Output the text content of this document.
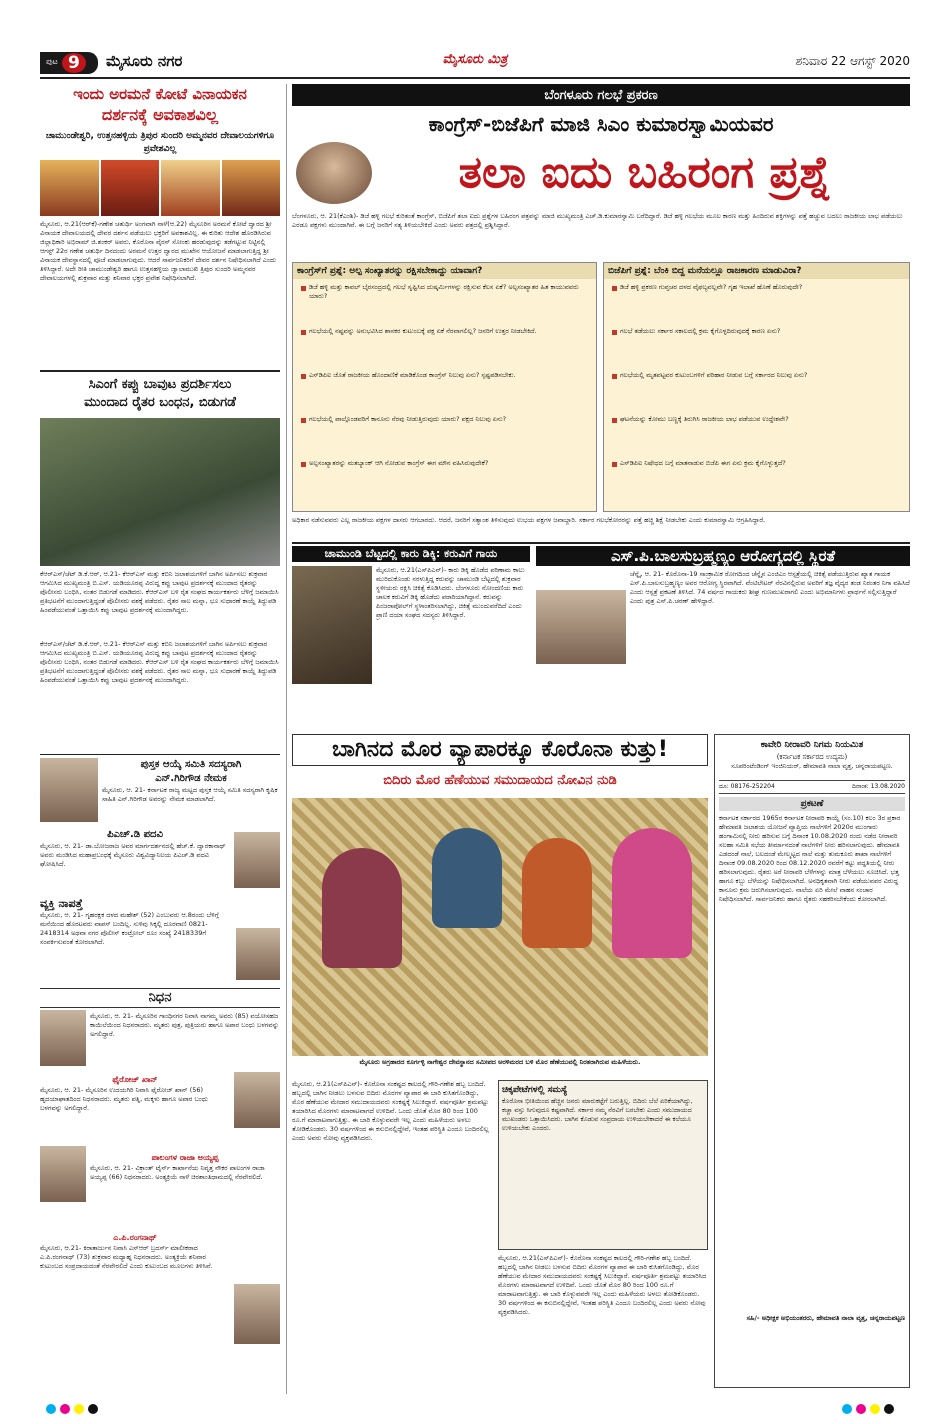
ಪುಟ 9	ಮೈಸೂರು ನಗರ	ಮೈಸೂರು ಮಿತ್ರ	ಶನಿವಾರ 22 ಆಗಸ್ಟ್ 2020
ಇಂದು ಅರಮನೆ ಕೋಟೆ ವಿನಾಯಕನ
ದರ್ಶನಕ್ಕೆ ಅವಕಾಶವಿಲ್ಲ
ಚಾಮುಂಡೇಶ್ವರಿ, ಉತ್ತನಹಳ್ಳಿಯ ತ್ರಿಪುರ ಸುಂದರಿ ಅಮ್ಮನವರ ದೇವಾಲಯಗಳಿಗೂ ಪ್ರವೇಶವಿಲ್ಲ
ಮೈಸೂರು, ಆ.21(ಆರ್‌ಕೆ)-ಗಣೇಶ ಚತುರ್ಥಿ ಅಂಗವಾಗಿ ನಾಳೆ(ಆ.22) ಮೈಸೂರಿನ ಅರಮನೆ ಕೋಟೆ ದ್ವಾರದ ಶ್ರೀ ವಿನಾಯಕ ದೇವಾಲಯದಲ್ಲಿ ದೇವರ ದರ್ಶನ ಪಡೆಯಲು ಭಕ್ತರಿಗೆ ಅವಕಾಶವಿಲ್ಲ. ಈ ಕುರಿತು ಆದೇಶ ಹೊರಡಿಸಿರುವ ಜಿಲ್ಲಾಧಿಕಾರಿ ಅಭಿರಾಮ್ ಜಿ.ಶಂಕರ್ ಅವರು, ಕೊರೊನಾ ವೈರಸ್ ಸೋಂಕು ಹರಡುವುದನ್ನು ತಡೆಗಟ್ಟುವ ನಿಟ್ಟಿನಲ್ಲಿ ಆಗಸ್ಟ್ 22ರ ಗಣೇಶ ಚತುರ್ಥಿ ದಿನದಂದು ಅರಮನೆ ಉತ್ತರ ದ್ವಾರದ ಮುಖೇನ ಆಯೋಜನೆ ಮಾಡಲಾಗುತ್ತಿದ್ದ ಶ್ರೀ ವಿನಾಯಕ ದೇವಸ್ಥಾನದಲ್ಲಿ ಪೂಜೆ ಮಾಡಲಾಗುವುದು. ಆದರೆ ಸಾರ್ವಜನಿಕರಿಗೆ ದೇವರ ದರ್ಶನ ನಿಷೇಧಿಸಲಾಗಿದೆ ಎಂದು ತಿಳಿಸಿದ್ದಾರೆ. ಅದೇ ರೀತಿ ಚಾಮುಂಡೇಶ್ವರಿ ಹಾಗೂ ಉತ್ತನಹಳ್ಳಿಯ ಜ್ವಾಲಾಮುಖಿ ತ್ರಿಪುರ ಸುಂದರಿ ಅಮ್ಮನವರ ದೇವಾಲಯಗಳಲ್ಲಿ ಶುಕ್ರವಾರ ಮತ್ತು ಶನಿವಾರ ಭಕ್ತರ ಪ್ರವೇಶ ನಿಷೇಧಿಸಲಾಗಿದೆ.
ಸಿಎಂಗೆ ಕಪ್ಪು ಬಾವುಟ ಪ್ರದರ್ಶಿಸಲು
ಮುಂದಾದ ರೈತರ ಬಂಧನ, ಬಿಡುಗಡೆ
ಕೆಆರ್‌ಎಸ್/ಚೆಟ್ ಡಿ.ಕೆ.ಆರ್, ಆ.21- ಕೆಆರ್‌ಎಸ್ ಮತ್ತು ಕಬಿನಿ ಜಲಾಶಯಗಳಿಗೆ ಬಾಗಿನ ಅರ್ಪಿಸಲು ಶುಕ್ರವಾರ ಆಗಮಿಸಿದ ಮುಖ್ಯಮಂತ್ರಿ ಬಿ.ಎಸ್. ಯಡಿಯೂರಪ್ಪ ವಿರುದ್ಧ ಕಪ್ಪು ಬಾವುಟ ಪ್ರದರ್ಶನಕ್ಕೆ ಮುಂದಾದ ರೈತರನ್ನು ಪೊಲೀಸರು ಬಂಧಿಸಿ, ನಂತರ ಬಿಡುಗಡೆ ಮಾಡಿದರು. ಕೆಆರ್‌ಎಸ್ ಬಳಿ ರೈತ ಸಂಘದ ಕಾರ್ಯಕರ್ತರು ಬೆಳಿಗ್ಗೆ ಜಮಾಯಿಸಿ ಪ್ರತಿಭಟನೆಗೆ ಮುಂದಾಗುತ್ತಿದ್ದಂತೆ ಪೊಲೀಸರು ವಶಕ್ಕೆ ಪಡೆದರು. ರೈತರ ಸಾಲ ಮನ್ನಾ, ಭೂ ಸುಧಾರಣೆ ಕಾಯ್ದೆ ತಿದ್ದುಪಡಿ ಹಿಂಪಡೆಯುವಂತೆ ಒತ್ತಾಯಿಸಿ ಕಪ್ಪು ಬಾವುಟ ಪ್ರದರ್ಶನಕ್ಕೆ ಮುಂದಾಗಿದ್ದರು.
ಕೆಆರ್‌ಎಸ್/ಚೆಟ್ ಡಿ.ಕೆ.ಆರ್, ಆ.21- ಕೆಆರ್‌ಎಸ್ ಮತ್ತು ಕಬಿನಿ ಜಲಾಶಯಗಳಿಗೆ ಬಾಗಿನ ಅರ್ಪಿಸಲು ಶುಕ್ರವಾರ ಆಗಮಿಸಿದ ಮುಖ್ಯಮಂತ್ರಿ ಬಿ.ಎಸ್. ಯಡಿಯೂರಪ್ಪ ವಿರುದ್ಧ ಕಪ್ಪು ಬಾವುಟ ಪ್ರದರ್ಶನಕ್ಕೆ ಮುಂದಾದ ರೈತರನ್ನು ಪೊಲೀಸರು ಬಂಧಿಸಿ, ನಂತರ ಬಿಡುಗಡೆ ಮಾಡಿದರು. ಕೆಆರ್‌ಎಸ್ ಬಳಿ ರೈತ ಸಂಘದ ಕಾರ್ಯಕರ್ತರು ಬೆಳಿಗ್ಗೆ ಜಮಾಯಿಸಿ ಪ್ರತಿಭಟನೆಗೆ ಮುಂದಾಗುತ್ತಿದ್ದಂತೆ ಪೊಲೀಸರು ವಶಕ್ಕೆ ಪಡೆದರು. ರೈತರ ಸಾಲ ಮನ್ನಾ, ಭೂ ಸುಧಾರಣೆ ಕಾಯ್ದೆ ತಿದ್ದುಪಡಿ ಹಿಂಪಡೆಯುವಂತೆ ಒತ್ತಾಯಿಸಿ ಕಪ್ಪು ಬಾವುಟ ಪ್ರದರ್ಶನಕ್ಕೆ ಮುಂದಾಗಿದ್ದರು.
ಪುಸ್ತಕ ಆಯ್ಕೆ ಸಮಿತಿ ಸದಸ್ಯರಾಗಿ
ಎನ್.ಗಿರಿಗೌಡ ನೇಮಕ
ಮೈಸೂರು, ಆ. 21- ಕರ್ನಾಟಕ ರಾಜ್ಯ ಮಟ್ಟದ ಪುಸ್ತಕ ಆಯ್ಕೆ ಸಮಿತಿ ಸದಸ್ಯರಾಗಿ ಕೃಷಿಕ ಸಾಹಿತಿ ಎನ್.ಗಿರಿಗೌಡ ಅವರನ್ನು ನೇಮಕ ಮಾಡಲಾಗಿದೆ.
ಪಿಎಚ್.ಡಿ ಪದವಿ
ಮೈಸೂರು, ಆ. 21- ಡಾ.ಬೋಜರಾಜ ಅವರ ಮಾರ್ಗದರ್ಶನದಲ್ಲಿ ಹೆಚ್.ಕೆ. ದ್ವಾರಕಾನಾಥ್ ಅವರು ಮಂಡಿಸಿದ ಮಹಾಪ್ರಬಂಧಕ್ಕೆ ಮೈಸೂರು ವಿಶ್ವವಿದ್ಯಾನಿಲಯ ಪಿಎಚ್.ಡಿ ಪದವಿ ಘೋಷಿಸಿದೆ.
ವ್ಯಕ್ತಿ ನಾಪತ್ತೆ
ಮೈಸೂರು, ಆ. 21- ಗೃಹರಕ್ಷಕ ದಳದ ಮಹೇಶ್ (52) ಎಂಬುವರು ಆ.8ರಂದು ಬೆಳಿಗ್ಗೆ ಮನೆಯಿಂದ ಹೊರಟವರು ವಾಪಸ್ ಬಂದಿಲ್ಲ. ಸುಳಿವು ಸಿಕ್ಕಲ್ಲಿ ದೂರವಾಣಿ 0821-2418314 ಅಥವಾ ನಗರ ಪೊಲೀಸ್ ಕಂಟ್ರೋಲ್ ರೂಂ ಸಂಖ್ಯೆ 2418339ಗೆ ಸಂಪರ್ಕಿಸುವಂತೆ ಕೋರಲಾಗಿದೆ.
ನಿಧನ
ಮೈಸೂರು, ಆ. 21- ಮೈಸೂರಿನ ಗಾಂಧಿನಗರ ನಿವಾಸಿ ನಾಗಮ್ಮ ಅವರು (85) ವಯೋಸಹಜ ಕಾಯಿಲೆಯಿಂದ ನಿಧನರಾದರು. ಮೃತರು ಪುತ್ರ, ಪುತ್ರಿಯರು ಹಾಗೂ ಅಪಾರ ಬಂಧು ಬಳಗವನ್ನು ಅಗಲಿದ್ದಾರೆ.
ಫೈರೋಜ್ ಖಾನ್
ಮೈಸೂರು, ಆ. 21- ಮೈಸೂರಿನ ಉದಯಗಿರಿ ನಿವಾಸಿ ಫೈರೋಜ್ ಖಾನ್ (56) ಹೃದಯಾಘಾತದಿಂದ ನಿಧನರಾದರು. ಮೃತರು ಪತ್ನಿ, ಮಕ್ಕಳು ಹಾಗೂ ಅಪಾರ ಬಂಧು ಬಳಗವನ್ನು ಅಗಲಿದ್ದಾರೆ.
ಪಾಲಂಗಳ ರಾಜಾ ಅಯ್ಯಪ್ಪ
ಮೈಸೂರು, ಆ. 21- ವಿಕ್ರಾಂತ್ ಟೈರ್ಸ್ ಕಾರ್ಖಾನೆಯ ನಿವೃತ್ತ ನೌಕರ ಪಾಲಂಗಳ ರಾಜಾ ಅಯ್ಯಪ್ಪ (66) ನಿಧನರಾದರು. ಅಂತ್ಯಕ್ರಿಯೆ ನಾಳೆ ಚಿರಶಾಂತಿಧಾಮದಲ್ಲಿ ನೆರವೇರಲಿದೆ.
ಎ.ಪಿ.ರಂಗನಾಥ್
ಮೈಸೂರು, ಆ.21- ಕಿರಾತಾರ್ಜುನ ನಿವಾಸಿ ಎಸ್‌ಆರ್ ಬ್ರದರ್ಸ್ ಮಾಲೀಕರಾದ ಎ.ಪಿ.ರಂಗನಾಥ್ (73) ಶುಕ್ರವಾರ ಮಧ್ಯಾಹ್ನ ನಿಧನರಾದರು. ಅಂತ್ಯಕ್ರಿಯೆ ಶನಿವಾರ ಕುಟುಂಬದ ಸಂಪ್ರದಾಯದಂತೆ ನೆರವೇರಲಿದೆ ಎಂದು ಕುಟುಂಬದ ಮೂಲಗಳು ತಿಳಿಸಿವೆ.
ಬೆಂಗಳೂರು ಗಲಭೆ ಪ್ರಕರಣ
ಕಾಂಗ್ರೆಸ್-ಬಿಜೆಪಿಗೆ ಮಾಜಿ ಸಿಎಂ ಕುಮಾರಸ್ವಾಮಿಯವರ
ತಲಾ ಐದು ಬಹಿರಂಗ ಪ್ರಶ್ನೆ
ಬೆಂಗಳೂರು, ಆ. 21(ಕೆಎಂಶಿ)- ಡಿಜೆ ಹಳ್ಳಿ ಗಲಭೆ ಕುರಿತಂತೆ ಕಾಂಗ್ರೆಸ್, ಬಿಜೆಪಿಗೆ ತಲಾ ಐದು ಪ್ರಶ್ನೆಗಳ ಬಹಿರಂಗ ಪತ್ರವನ್ನು ಮಾಜಿ ಮುಖ್ಯಮಂತ್ರಿ ಎಚ್.ಡಿ.ಕುಮಾರಸ್ವಾಮಿ ಬರೆದಿದ್ದಾರೆ. ಡಿಜೆ ಹಳ್ಳಿ ಗಲಭೆಯ ಮೂಲ ಕಾರಣ ಮತ್ತು ಹಿಂದಿರುವ ಶಕ್ತಿಗಳನ್ನು ಪತ್ತೆ ಹಚ್ಚುವ ಬದಲು ರಾಜಕೀಯ ಲಾಭ ಪಡೆಯಲು ಎರಡೂ ಪಕ್ಷಗಳು ಮುಂದಾಗಿವೆ. ಈ ಬಗ್ಗೆ ಜನರಿಗೆ ಸತ್ಯ ತಿಳಿಯಬೇಕಿದೆ ಎಂದು ಅವರು ಪತ್ರದಲ್ಲಿ ಪ್ರಶ್ನಿಸಿದ್ದಾರೆ.
ಕಾಂಗ್ರೆಸ್‌ಗೆ ಪ್ರಶ್ನೆ: ಅಲ್ಪ ಸಂಖ್ಯಾತರನ್ನು ರಕ್ಷಿಸಬೇಕಾದ್ದು ಯಾವಾಗ?
ಡಿಜೆ ಹಳ್ಳಿ ಮತ್ತು ಕಾವಲ್ ಬೈರಸಂದ್ರದಲ್ಲಿ ಗಲಭೆ ಸೃಷ್ಟಿಸಿದ ದುಷ್ಕರ್ಮಿಗಳನ್ನು ರಕ್ಷಿಸುವ ಕೆಲಸ ಏಕೆ? ಅಲ್ಪಸಂಖ್ಯಾತರ ಹಿತ ಕಾಯುವವರು ಯಾರು?
ಗಲಭೆಯಲ್ಲಿ ನಷ್ಟವನ್ನು ಅನುಭವಿಸಿದ ಶಾಸಕರ ಕುಟುಂಬಕ್ಕೆ ಪಕ್ಷ ಏಕೆ ನೆರವಾಗಲಿಲ್ಲ? ಜನರಿಗೆ ಉತ್ತರ ನೀಡಬೇಕಿದೆ.
ಎಸ್‌ಡಿಪಿಐ ಜೊತೆ ರಾಜಕೀಯ ಹೊಂದಾಣಿಕೆ ಮಾಡಿಕೊಂಡ ಕಾಂಗ್ರೆಸ್ ನಿಲುವು ಏನು? ಸ್ಪಷ್ಟಪಡಿಸಬೇಕು.
ಗಲಭೆಯಲ್ಲಿ ಪಾಲ್ಗೊಂಡವರಿಗೆ ಕಾನೂನು ನೆರವು ನೀಡುತ್ತಿರುವುದು ಯಾರು? ಪಕ್ಷದ ನಿಲುವು ಏನು?
ಅಲ್ಪಸಂಖ್ಯಾತರನ್ನು ಮತಬ್ಯಾಂಕ್ ಆಗಿ ನೋಡುವ ಕಾಂಗ್ರೆಸ್ ಈಗ ಮೌನ ವಹಿಸಿರುವುದೇಕೆ?
ಬಿಜೆಪಿಗೆ ಪ್ರಶ್ನೆ: ಬೆಂಕಿ ಬಿದ್ದ ಮನೆಯಲ್ಲೂ ರಾಜಕಾರಣ ಮಾಡುವಿರಾ?
ಡಿಜೆ ಹಳ್ಳಿ ಪ್ರಕರಣ ಗುಪ್ತಚರ ದಳದ ವೈಫಲ್ಯವಲ್ಲವೇ? ಗೃಹ ಇಲಾಖೆ ಹೊಣೆ ಹೊರುವುದೇ?
ಗಲಭೆ ತಡೆಯಲು ಸರ್ಕಾರ ಸಕಾಲದಲ್ಲಿ ಕ್ರಮ ಕೈಗೊಳ್ಳದಿರುವುದಕ್ಕೆ ಕಾರಣ ಏನು?
ಗಲಭೆಯಲ್ಲಿ ಮೃತಪಟ್ಟವರ ಕುಟುಂಬಗಳಿಗೆ ಪರಿಹಾರ ನೀಡುವ ಬಗ್ಗೆ ಸರ್ಕಾರದ ನಿಲುವು ಏನು?
ಘಟನೆಯನ್ನು ಕೋಮು ಬಣ್ಣಕ್ಕೆ ತಿರುಗಿಸಿ ರಾಜಕೀಯ ಲಾಭ ಪಡೆಯುವ ಉದ್ದೇಶವೇ?
ಎಸ್‌ಡಿಪಿಐ ನಿಷೇಧದ ಬಗ್ಗೆ ಮಾತನಾಡುವ ಬಿಜೆಪಿ ಈಗ ಏನು ಕ್ರಮ ಕೈಗೊಳ್ಳುತ್ತದೆ?
ಅಧಿಕಾರ ನಡೆಸುವವರು ಎಲ್ಲ ರಾಜಕೀಯ ಪಕ್ಷಗಳ ದಾಸರು ಆಗಬಾರದು. ಆದರೆ, ಜನರಿಗೆ ಸತ್ಯಾಂಶ ತಿಳಿಸುವುದು ಉಭಯ ಪಕ್ಷಗಳ ಜವಾಬ್ದಾರಿ. ಸರ್ಕಾರ ಗಲಭೆಕೋರರನ್ನು ಪತ್ತೆ ಹಚ್ಚಿ ಶಿಕ್ಷೆ ನೀಡಬೇಕು ಎಂದು ಕುಮಾರಸ್ವಾಮಿ ಆಗ್ರಹಿಸಿದ್ದಾರೆ.
ಚಾಮುಂಡಿ ಬೆಟ್ಟದಲ್ಲಿ ಕಾರು ಡಿಕ್ಕಿ: ಕರುವಿಗೆ ಗಾಯ
ಮೈಸೂರು, ಆ.21(ಎಸ್‌ಪಿಎನ್)- ಕಾರು ಡಿಕ್ಕಿ ಹೊಡೆದ ಪರಿಣಾಮ ಕಾಲು ಮುರಿದುಕೊಂಡು ನರಳುತ್ತಿದ್ದ ಕರುವನ್ನು ಚಾಮುಂಡಿ ಬೆಟ್ಟದಲ್ಲಿ ಶುಕ್ರವಾರ ಸ್ಥಳೀಯರು ರಕ್ಷಿಸಿ ಚಿಕಿತ್ಸೆ ಕೊಡಿಸಿದರು. ಬೆಂಗಳೂರು ನೋಂದಣಿಯ ಕಾರು ಚಾಲಕ ಕರುವಿಗೆ ಡಿಕ್ಕಿ ಹೊಡೆದು ಪರಾರಿಯಾಗಿದ್ದಾನೆ. ಕರುವನ್ನು ಪಿಂಜರಾಪೋಲ್‌ಗೆ ಸ್ಥಳಾಂತರಿಸಲಾಗಿದ್ದು, ಚಿಕಿತ್ಸೆ ಮುಂದುವರೆದಿದೆ ಎಂದು ಪ್ರಾಣಿ ದಯಾ ಸಂಘದ ಸದಸ್ಯರು ತಿಳಿಸಿದ್ದಾರೆ.
ಎಸ್.ಪಿ.ಬಾಲಸುಬ್ರಹ್ಮಣ್ಯಂ ಆರೋಗ್ಯದಲ್ಲಿ ಸ್ಥಿರತೆ
ಚೆನ್ನೈ, ಆ. 21- ಕೊರೊನಾ-19 ಸಾಂಕ್ರಾಮಿಕ ರೋಗದಿಂದ ಚೆನ್ನೈನ ಎಂಜಿಎಂ ಆಸ್ಪತ್ರೆಯಲ್ಲಿ ಚಿಕಿತ್ಸೆ ಪಡೆಯುತ್ತಿರುವ ಖ್ಯಾತ ಗಾಯಕ ಎಸ್.ಪಿ.ಬಾಲಸುಬ್ರಹ್ಮಣ್ಯಂ ಅವರ ಆರೋಗ್ಯ ಸ್ಥಿರವಾಗಿದೆ. ವೆಂಟಿಲೇಟರ್ ನೆರವಿನಲ್ಲಿರುವ ಅವರಿಗೆ ತಜ್ಞ ವೈದ್ಯರ ತಂಡ ನಿರಂತರ ನಿಗಾ ವಹಿಸಿದೆ ಎಂದು ಆಸ್ಪತ್ರೆ ಪ್ರಕಟಣೆ ತಿಳಿಸಿದೆ. 74 ವರ್ಷದ ಗಾಯಕರು ಶೀಘ್ರ ಗುಣಮುಖರಾಗಲಿ ಎಂದು ಅಭಿಮಾನಿಗಳು ಪ್ರಾರ್ಥನೆ ಸಲ್ಲಿಸುತ್ತಿದ್ದಾರೆ ಎಂದು ಪುತ್ರ ಎಸ್.ಪಿ.ಚರಣ್ ಹೇಳಿದ್ದಾರೆ.
ಕಾವೇರಿ ನೀರಾವರಿ ನಿಗಮ ನಿಯಮಿತ
(ಕರ್ನಾಟಕ ಸರ್ಕಾರದ ಉದ್ಯಮ)
ಸೂಪರಿಂಟೆಂಡಿಂಗ್ ಇಂಜಿನಿಯರ್, ಹೇಮಾವತಿ ನಾಲಾ ವೃತ್ತ, ಚನ್ನರಾಯಪಟ್ಟಣ.
ದೂ: 08176-252204	ದಿನಾಂಕ: 13.08.2020
ಪ್ರಕಟಣೆ
ಕರ್ನಾಟಕ ಸರ್ಕಾರದ 1965ರ ಕರ್ನಾಟಕ ನೀರಾವರಿ ಕಾಯ್ದೆ (ಸಂ.10) ಕಲಂ 3ರ ಪ್ರಕಾರ ಹೇಮಾವತಿ ಜಲಾಶಯ ಯೋಜನೆ ವ್ಯಾಪ್ತಿಯ ನಾಲೆಗಳಿಗೆ 2020ರ ಮುಂಗಾರು ಹಂಗಾಮಿನಲ್ಲಿ ನೀರು ಹರಿಸುವ ಬಗ್ಗೆ ದಿನಾಂಕ 10.08.2020 ರಂದು ನಡೆದ ನೀರಾವರಿ ಸಲಹಾ ಸಮಿತಿ ಸಭೆಯ ತೀರ್ಮಾನದಂತೆ ನಾಲೆಗಳಿಗೆ ನೀರು ಹರಿಸಲಾಗುವುದು. ಹೇಮಾವತಿ ಎಡದಂಡೆ ನಾಲೆ, ಬಲದಂಡೆ ಮೇಲ್ಮಟ್ಟದ ನಾಲೆ ಮತ್ತು ತುಮಕೂರು ಶಾಖಾ ನಾಲೆಗಳಿಗೆ ದಿನಾಂಕ 09.08.2020 ರಿಂದ 08.12.2020 ರವರೆಗೆ ಕಟ್ಟು ಪದ್ಧತಿಯಲ್ಲಿ ನೀರು ಹರಿಸಲಾಗುವುದು. ರೈತರು ಅರೆ ನೀರಾವರಿ ಬೆಳೆಗಳನ್ನು ಮಾತ್ರ ಬೆಳೆಯಲು ಸೂಚಿಸಿದೆ. ಭತ್ತ ಹಾಗೂ ಕಬ್ಬು ಬೆಳೆಯನ್ನು ನಿಷೇಧಿಸಲಾಗಿದೆ. ಅನಧಿಕೃತವಾಗಿ ನೀರು ಪಡೆಯುವವರ ವಿರುದ್ಧ ಕಾನೂನು ಕ್ರಮ ಜರುಗಿಸಲಾಗುವುದು. ನಾಲೆಯ ಏರಿ ಮೇಲೆ ವಾಹನ ಸಂಚಾರ ನಿಷೇಧಿಸಲಾಗಿದೆ. ಸಾರ್ವಜನಿಕರು ಹಾಗೂ ರೈತರು ಸಹಕರಿಸಬೇಕೆಂದು ಕೋರಲಾಗಿದೆ.
ಸಹಿ/- ಅಧೀಕ್ಷಕ ಅಭಿಯಂತರರು, ಹೇಮಾವತಿ ನಾಲಾ ವೃತ್ತ, ಚನ್ನರಾಯಪಟ್ಟಣ
ಬಾಗಿನದ ಮೊರ ವ್ಯಾಪಾರಕ್ಕೂ ಕೊರೊನಾ ಕುತ್ತು!
ಬಿದಿರು ಮೊರ ಹೆಣೆಯುವ ಸಮುದಾಯದ ನೋವಿನ ನುಡಿ
ಮೈಸೂರು ಅಗ್ರಹಾರದ ಕೂರ್ಗಳ್ಳಿ ನಾಗೇಶ್ವರ ದೇವಸ್ಥಾನದ ಸಮೀಪದ ಅರಳಿಮರದ ಬಳಿ ಮೊರ ಹೆಣೆಯುವಲ್ಲಿ ನಿರತರಾಗಿರುವ ಮಹಿಳೆಯರು.
ಮೈಸೂರು, ಆ.21(ಎಸ್‌ಪಿಎನ್)- ಕೊರೊನಾ ಸಂಕಷ್ಟದ ಕಾಲದಲ್ಲಿ ಗೌರಿ-ಗಣೇಶ ಹಬ್ಬ ಬಂದಿದೆ. ಹಬ್ಬದಲ್ಲಿ ಬಾಗಿನ ನೀಡಲು ಬಳಸುವ ಬಿದಿರು ಮೊರಗಳ ವ್ಯಾಪಾರ ಈ ಬಾರಿ ಕುಸಿತಗೊಂಡಿದ್ದು, ಮೊರ ಹೆಣೆಯುವ ಮೇದಾರ ಸಮುದಾಯದವರು ಸಂಕಷ್ಟಕ್ಕೆ ಸಿಲುಕಿದ್ದಾರೆ. ವರ್ಷಪೂರ್ತಿ ಶ್ರಮಪಟ್ಟು ತಯಾರಿಸಿದ ಮೊರಗಳು ಮಾರಾಟವಾಗದೆ ಉಳಿದಿವೆ. ಒಂದು ಜೊತೆ ಮೊರ 80 ರಿಂದ 100 ರೂ.ಗೆ ಮಾರಾಟವಾಗುತ್ತಿತ್ತು. ಈ ಬಾರಿ ಕೊಳ್ಳುವವರೇ ಇಲ್ಲ ಎಂದು ಮಹಿಳೆಯರು ಅಳಲು ತೋಡಿಕೊಂಡರು. 30 ವರ್ಷಗಳಿಂದ ಈ ಕಸುಬಿನಲ್ಲಿದ್ದೇವೆ, ಇಂತಹ ಪರಿಸ್ಥಿತಿ ಎಂದೂ ಬಂದಿರಲಿಲ್ಲ ಎಂದು ಅವರು ನೋವು ವ್ಯಕ್ತಪಡಿಸಿದರು.
ಚಿಕ್ಕಪೇಟೆಗಳಲ್ಲಿ ಸಮಸ್ಯೆ
ಕೊರೊನಾ ಭೀತಿಯಿಂದ ಹೆಚ್ಚಿನ ಜನರು ಮಾರುಕಟ್ಟೆಗೆ ಬರುತ್ತಿಲ್ಲ. ಬಿದಿರು ಬೆಲೆ ಏರಿಕೆಯಾಗಿದ್ದು, ಕಚ್ಚಾ ವಸ್ತು ಸಿಗುವುದೂ ಕಷ್ಟವಾಗಿದೆ. ಸರ್ಕಾರ ನಮ್ಮ ನೆರವಿಗೆ ಬರಬೇಕು ಎಂದು ಸಮುದಾಯದ ಮುಖಂಡರು ಒತ್ತಾಯಿಸಿದರು. ಬಾಗಿನ ಕೊಡುವ ಸಂಪ್ರದಾಯ ಉಳಿಯಬೇಕಾದರೆ ಈ ಕಲೆಯೂ ಉಳಿಯಬೇಕು ಎಂದರು.
ಮೈಸೂರು, ಆ.21(ಎಸ್‌ಪಿಎನ್)- ಕೊರೊನಾ ಸಂಕಷ್ಟದ ಕಾಲದಲ್ಲಿ ಗೌರಿ-ಗಣೇಶ ಹಬ್ಬ ಬಂದಿದೆ. ಹಬ್ಬದಲ್ಲಿ ಬಾಗಿನ ನೀಡಲು ಬಳಸುವ ಬಿದಿರು ಮೊರಗಳ ವ್ಯಾಪಾರ ಈ ಬಾರಿ ಕುಸಿತಗೊಂಡಿದ್ದು, ಮೊರ ಹೆಣೆಯುವ ಮೇದಾರ ಸಮುದಾಯದವರು ಸಂಕಷ್ಟಕ್ಕೆ ಸಿಲುಕಿದ್ದಾರೆ. ವರ್ಷಪೂರ್ತಿ ಶ್ರಮಪಟ್ಟು ತಯಾರಿಸಿದ ಮೊರಗಳು ಮಾರಾಟವಾಗದೆ ಉಳಿದಿವೆ. ಒಂದು ಜೊತೆ ಮೊರ 80 ರಿಂದ 100 ರೂ.ಗೆ ಮಾರಾಟವಾಗುತ್ತಿತ್ತು. ಈ ಬಾರಿ ಕೊಳ್ಳುವವರೇ ಇಲ್ಲ ಎಂದು ಮಹಿಳೆಯರು ಅಳಲು ತೋಡಿಕೊಂಡರು. 30 ವರ್ಷಗಳಿಂದ ಈ ಕಸುಬಿನಲ್ಲಿದ್ದೇವೆ, ಇಂತಹ ಪರಿಸ್ಥಿತಿ ಎಂದೂ ಬಂದಿರಲಿಲ್ಲ ಎಂದು ಅವರು ನೋವು ವ್ಯಕ್ತಪಡಿಸಿದರು.
